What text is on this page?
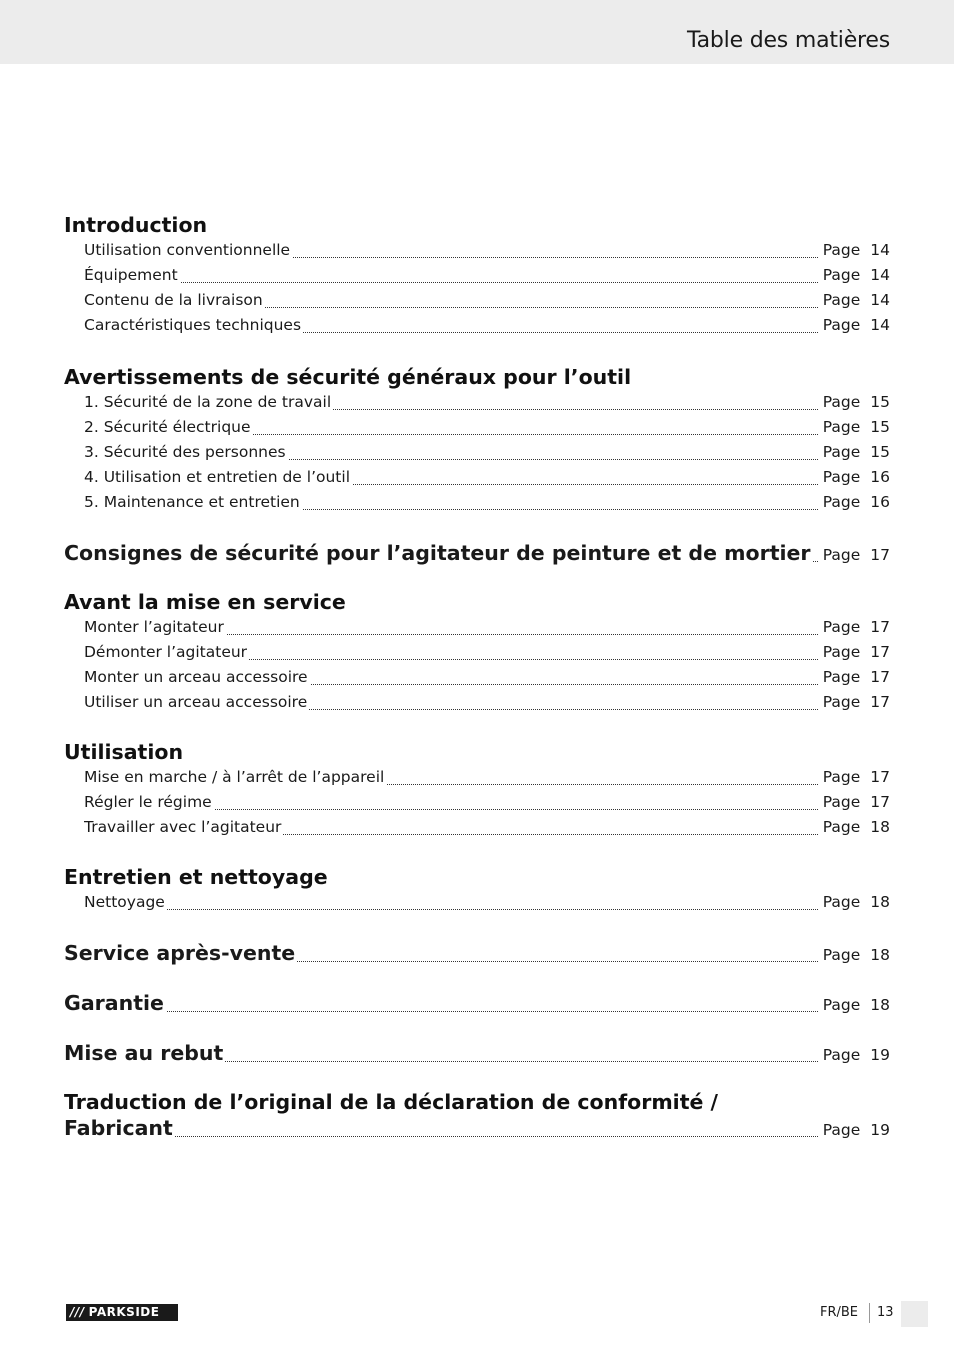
Table des matières
Introduction
Utilisation conventionnelle	Page 14
Équipement	Page 14
Contenu de la livraison	Page 14
Caractéristiques techniques	Page 14
Avertissements de sécurité généraux pour l’outil
1. Sécurité de la zone de travail	Page 15
2. Sécurité électrique	Page 15
3. Sécurité des personnes	Page 15
4. Utilisation et entretien de l’outil	Page 16
5. Maintenance et entretien	Page 16
Consignes de sécurité pour l’agitateur de peinture et de mortier Page 17
Avant la mise en service
Monter l’agitateur	Page 17
Démonter l’agitateur	Page 17
Monter un arceau accessoire	Page 17
Utiliser un arceau accessoire	Page 17
Utilisation
Mise en marche / à l’arrêt de l’appareil	Page 17
Régler le régime	Page 17
Travailler avec l’agitateur	Page 18
Entretien et nettoyage
Nettoyage	Page 18
Service après-vente	Page 18
Garantie	Page 18
Mise au rebut	Page 19
Traduction de l’original de la déclaration de conformité /
Fabricant	Page 19
/// PARKSIDE	FR/BE 13
